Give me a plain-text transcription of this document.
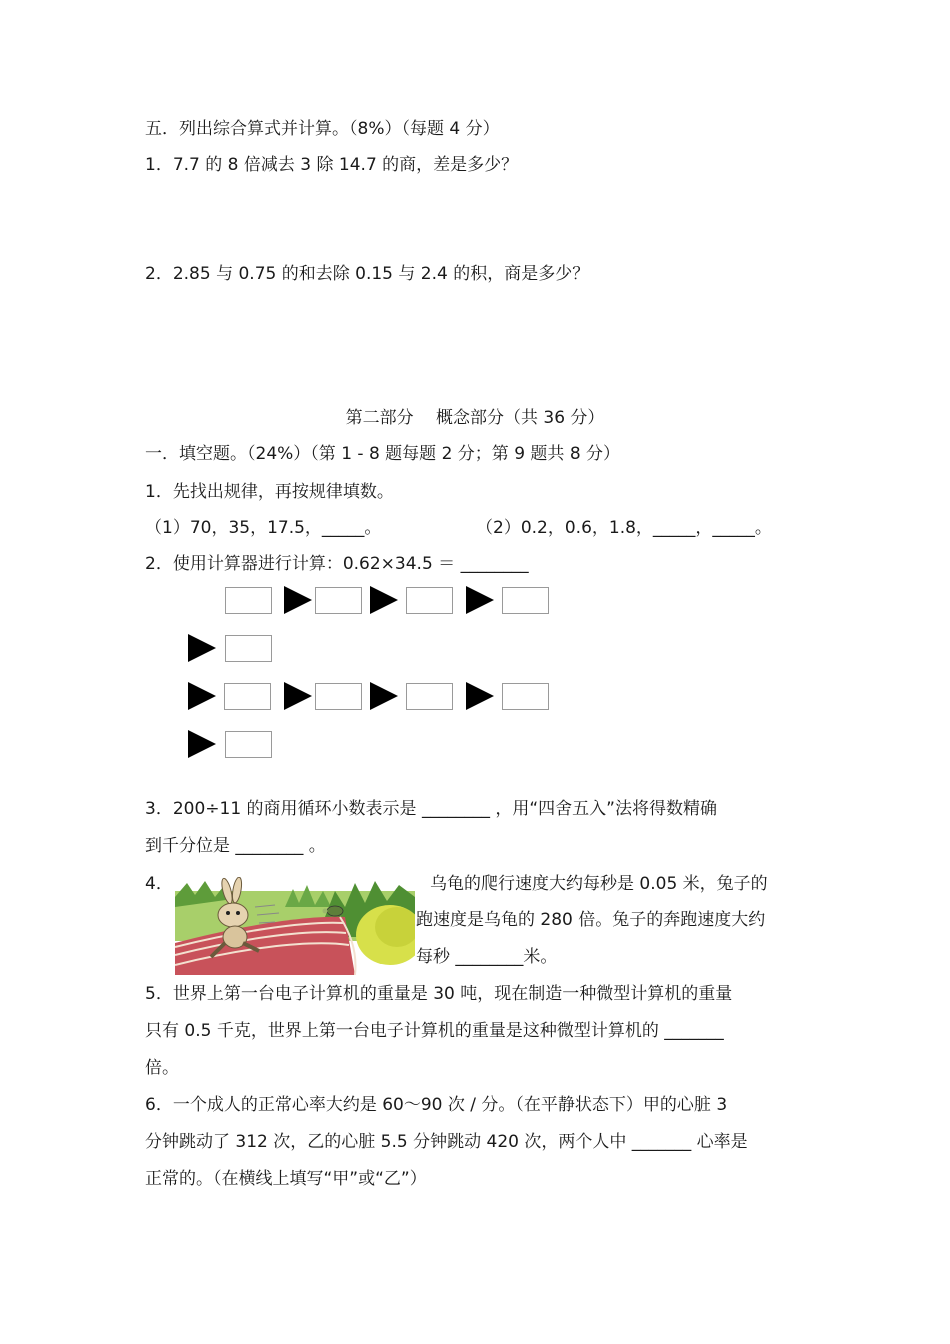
五．列出综合算式并计算。（8%）（每题 4 分）
1．7.7 的 8 倍减去 3 除 14.7 的商，差是多少？
2．2.85 与 0.75 的和去除 0.15 与 2.4 的积，商是多少？
第二部分　 概念部分（共 36 分）
一．填空题。（24%）（第 1 - 8 题每题 2 分；第 9 题共 8 分）
1．先找出规律，再按规律填数。
（1）70，35，17.5，_____。	（2）0.2，0.6，1.8，_____，_____。
2．使用计算器进行计算：0.62×34.5 ＝ ________
3．200÷11 的商用循环小数表示是 ________ ，用“四舍五入”法将得数精确
到千分位是 ________ 。
4．	乌龟的爬行速度大约每秒是 0.05 米，兔子的
跑速度是乌龟的 280 倍。兔子的奔跑速度大约
每秒 ________米。
5．世界上第一台电子计算机的重量是 30 吨，现在制造一种微型计算机的重量
只有 0.5 千克，世界上第一台电子计算机的重量是这种微型计算机的 _______
倍。
6．一个成人的正常心率大约是 60～90 次 / 分。（在平静状态下）甲的心脏 3
分钟跳动了 312 次，乙的心脏 5.5 分钟跳动 420 次，两个人中 _______ 心率是
正常的。（在横线上填写“甲”或“乙”）
